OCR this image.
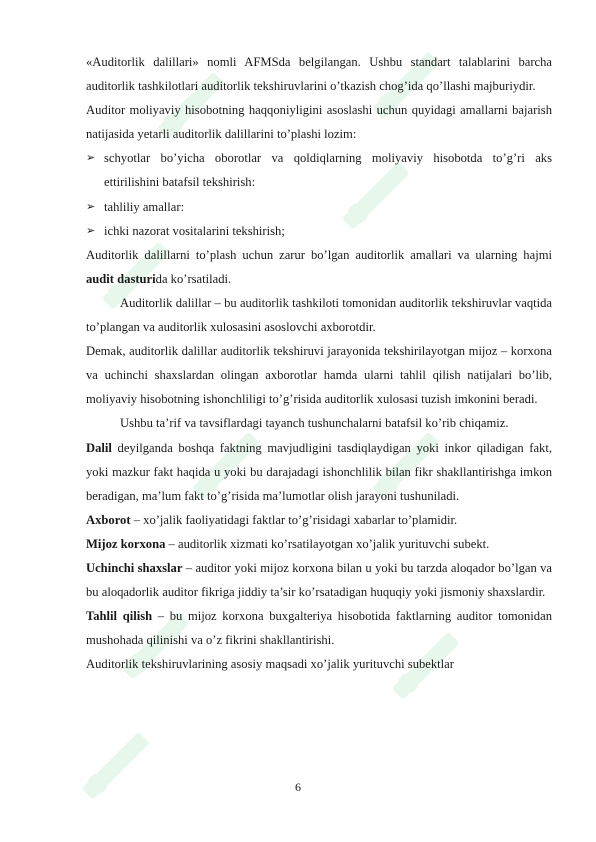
«Auditorlik dalillari» nomli AFMSda belgilangan. Ushbu standart talablarini barcha auditorlik tashkilotlari auditorlik tekshiruvlarini o’tkazish chog’ida qo’llashi majburiydir.

Auditor moliyaviy hisobotning haqqoniyligini asoslashi uchun quyidagi amallarni bajarish natijasida yetarli auditorlik dalillarini to’plashi lozim:

➢ schyotlar bo’yicha oborotlar va qoldiqlarning moliyaviy hisobotda to’g’ri aks ettirilishini batafsil tekshirish:

➢ tahliliy amallar:

➢ ichki nazorat vositalarini tekshirish;

Auditorlik dalillarni to’plash uchun zarur bo’lgan auditorlik amallari va ularning hajmi audit dasturida ko’rsatiladi.

Auditorlik dalillar – bu auditorlik tashkiloti tomonidan auditorlik tekshiruvlar vaqtida to’plangan va auditorlik xulosasini asoslovchi axborotdir.

Demak, auditorlik dalillar auditorlik tekshiruvi jarayonida tekshirilayotgan mijoz – korxona va uchinchi shaxslardan olingan axborotlar hamda ularni tahlil qilish natijalari bo’lib, moliyaviy hisobotning ishonchliligi to’g’risida auditorlik xulosasi tuzish imkonini beradi.

Ushbu ta’rif va tavsiflardagi tayanch tushunchalarni batafsil ko’rib chiqamiz.

Dalil deyilganda boshqa faktning mavjudligini tasdiqlaydigan yoki inkor qiladigan fakt, yoki mazkur fakt haqida u yoki bu darajadagi ishonchlilik bilan fikr shakllantirishga imkon beradigan, ma’lum fakt to’g’risida ma’lumotlar olish jarayoni tushuniladi.

Axborot – xo’jalik faoliyatidagi faktlar to’g’risidagi xabarlar to’plamidir.

Mijoz korxona – auditorlik xizmati ko’rsatilayotgan xo’jalik yurituvchi subekt.

Uchinchi shaxslar – auditor yoki mijoz korxona bilan u yoki bu tarzda aloqador bo’lgan va bu aloqadorlik auditor fikriga jiddiy ta’sir ko’rsatadigan huquqiy yoki jismoniy shaxslardir.

Tahlil qilish – bu mijoz korxona buxgalteriya hisobotida faktlarning auditor tomonidan mushohada qilinishi va o’z fikrini shakllantirishi.

Auditorlik tekshiruvlarining asosiy maqsadi xo’jalik yurituvchi subektlar

6
